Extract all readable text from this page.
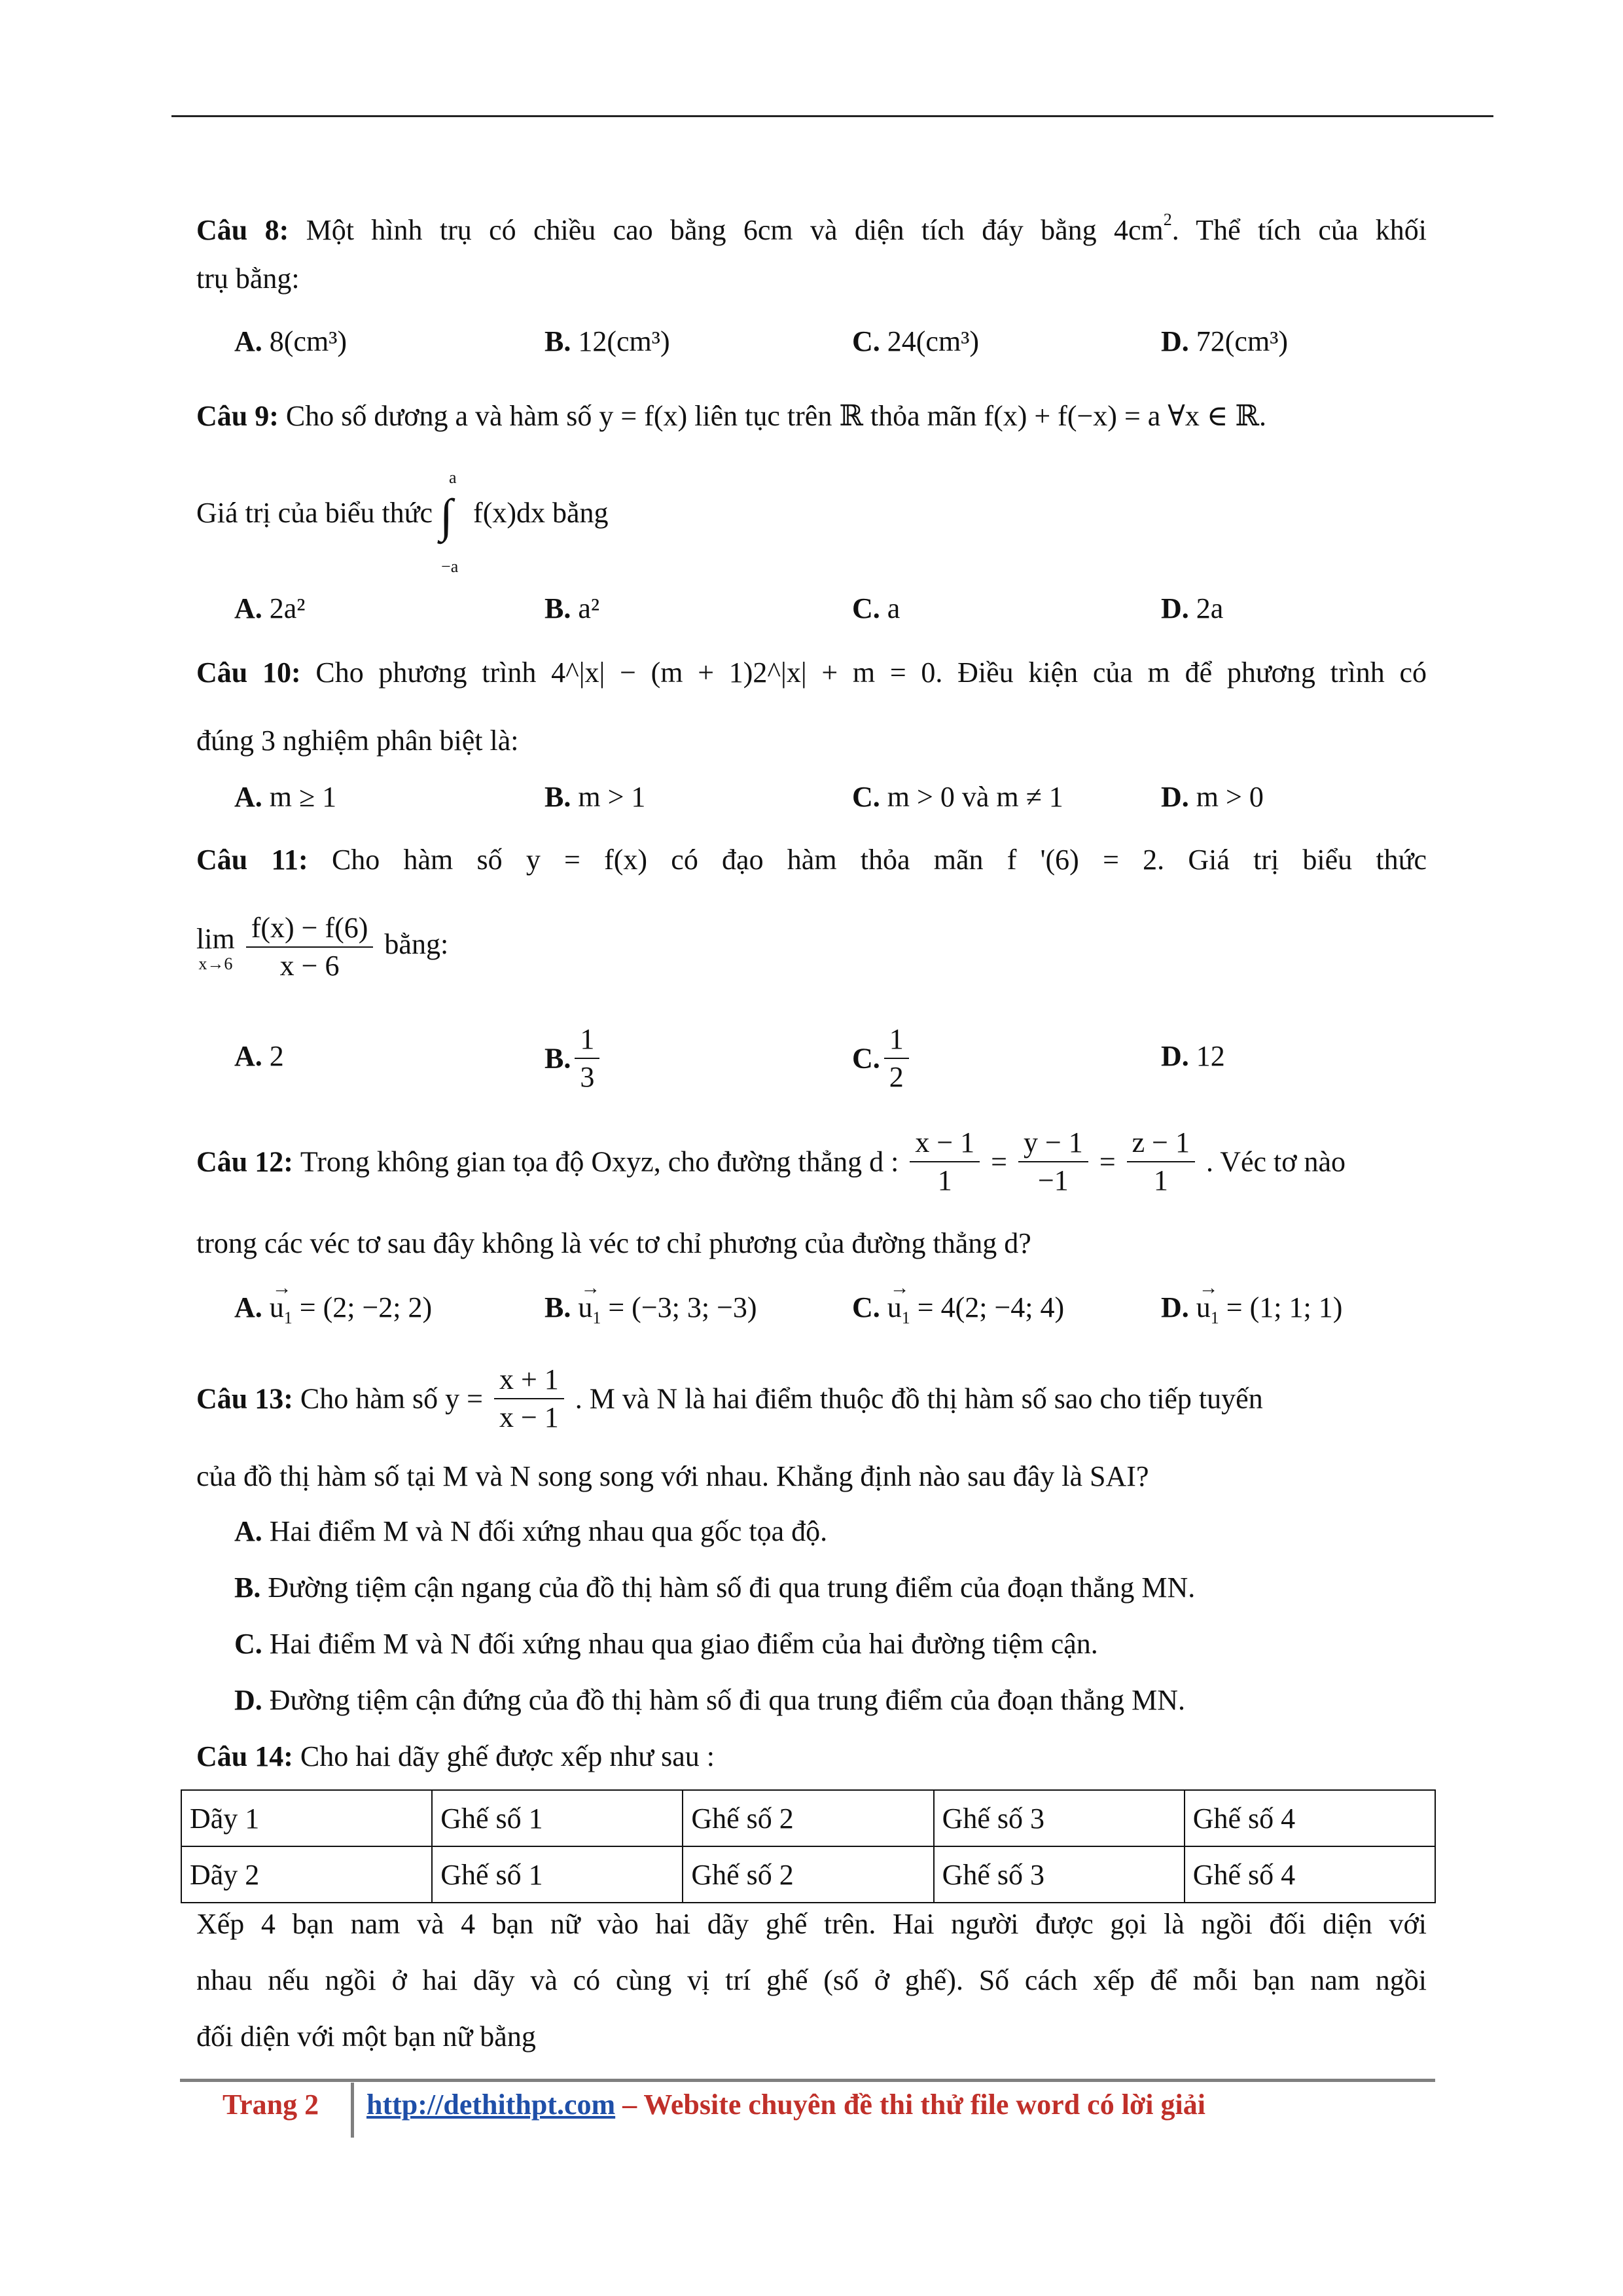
Câu 8: Một hình trụ có chiều cao bằng 6cm và diện tích đáy bằng $4cm^2$. Thể tích của khối
trụ bằng:
A. 8(cm³)	B. 12(cm³)	C. 24(cm³)	D. 72(cm³)
Câu 9: Cho số dương a và hàm số y = f(x) liên tục trên ℝ thỏa mãn f(x) + f(−x) = a ∀x ∈ ℝ.
Giá trị của biểu thức ∫
a
−a
f(x)dx bằng
A. 2a²	B. a²	C. a	D. 2a
Câu 10: Cho phương trình 4^|x| − (m + 1)2^|x| + m = 0. Điều kiện của m để phương trình có
đúng 3 nghiệm phân biệt là:
A. m ≥ 1	B. m > 1	C. m > 0 và m ≠ 1	D. m > 0
Câu 11: Cho hàm số y = f(x) có đạo hàm thỏa mãn f '(6) = 2. Giá trị biểu thức
lim
x→6
$\frac{f(x) - f(6)}{x - 6}$ bằng:
A. 2	B. $\frac{1}{3}$	C. $\frac{1}{2}$	D. 12
Câu 12: Trong không gian tọa độ Oxyz, cho đường thẳng d : $\frac{x - 1}{1} = \frac{y - 1}{-1} = \frac{z - 1}{1}$ . Véc tơ nào
trong các véc tơ sau đây không là véc tơ chỉ phương của đường thẳng d?
A. → $u_1 = (2$; −2; 2)	B. → $u_1 = (-3$; 3; −3)	C. → $u_1 = 4(2$; −4; 4)	D. → $u_1 = (1$; 1; 1)
Câu 13: Cho hàm số $y = \frac{x + 1}{x - 1}$ . M và N là hai điểm thuộc đồ thị hàm số sao cho tiếp tuyến
của đồ thị hàm số tại M và N song song với nhau. Khẳng định nào sau đây là SAI?
A. Hai điểm M và N đối xứng nhau qua gốc tọa độ.
B. Đường tiệm cận ngang của đồ thị hàm số đi qua trung điểm của đoạn thẳng MN.
C. Hai điểm M và N đối xứng nhau qua giao điểm của hai đường tiệm cận.
D. Đường tiệm cận đứng của đồ thị hàm số đi qua trung điểm của đoạn thẳng MN.
Câu 14: Cho hai dãy ghế được xếp như sau :
Dãy 1	Ghế số 1	Ghế số 2	Ghế số 3	Ghế số 4
Dãy 2	Ghế số 1	Ghế số 2	Ghế số 3	Ghế số 4
Xếp 4 bạn nam và 4 bạn nữ vào hai dãy ghế trên. Hai người được gọi là ngồi đối diện với
nhau nếu ngồi ở hai dãy và có cùng vị trí ghế (số ở ghế). Số cách xếp để mỗi bạn nam ngồi
đối diện với một bạn nữ bằng
Trang 2 http://dethithpt.com – Website chuyên đề thi thử file word có lời giải
